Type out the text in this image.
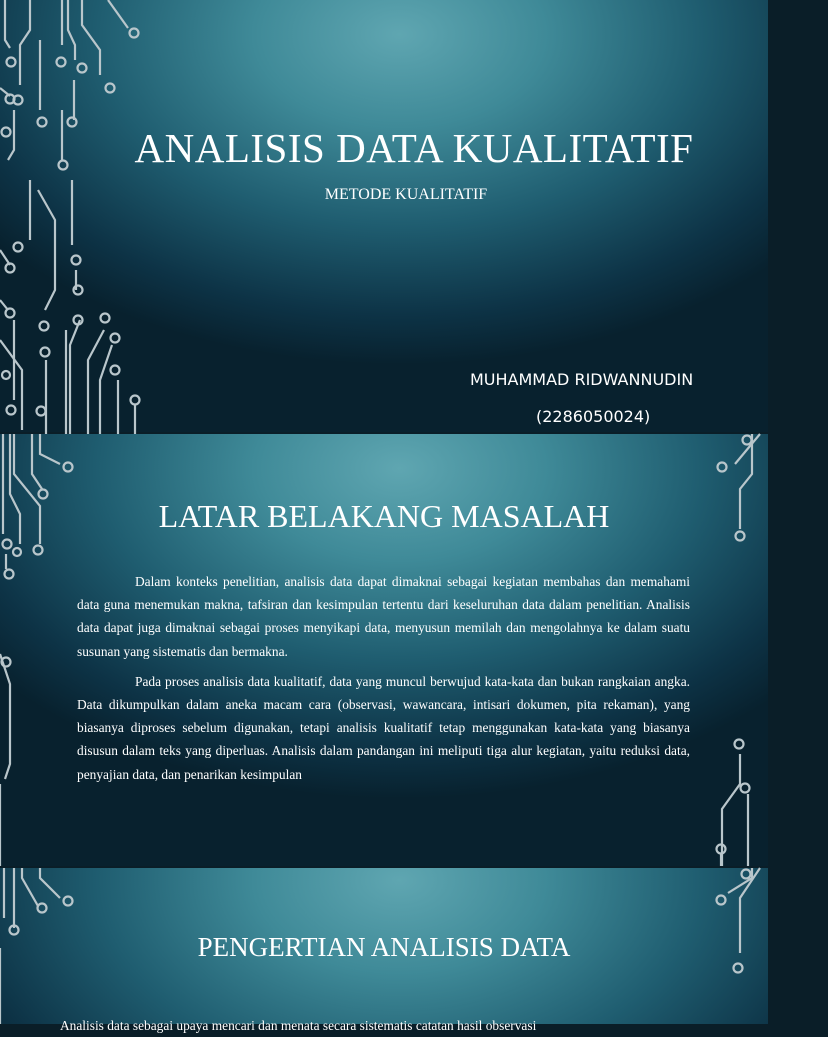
ANALISIS DATA KUALITATIF
METODE KUALITATIF
MUHAMMAD RIDWANNUDIN
(2286050024)
LATAR BELAKANG MASALAH

Dalam konteks penelitian, analisis data dapat dimaknai sebagai kegiatan membahas dan memahami data guna menemukan makna, tafsiran dan kesimpulan tertentu dari keseluruhan data dalam penelitian. Analisis data dapat juga dimaknai sebagai proses menyikapi data, menyusun memilah dan mengolahnya ke dalam suatu susunan yang sistematis dan bermakna.

Pada proses analisis data kualitatif, data yang muncul berwujud kata-kata dan bukan rangkaian angka. Data dikumpulkan dalam aneka macam cara (observasi, wawancara, intisari dokumen, pita rekaman), yang biasanya diproses sebelum digunakan, tetapi analisis kualitatif tetap menggunakan kata-kata yang biasanya disusun dalam teks yang diperluas. Analisis dalam pandangan ini meliputi tiga alur kegiatan, yaitu reduksi data, penyajian data, dan penarikan kesimpulan

PENGERTIAN ANALISIS DATA
Analisis data sebagai upaya mencari dan menata secara sistematis catatan hasil observasi
